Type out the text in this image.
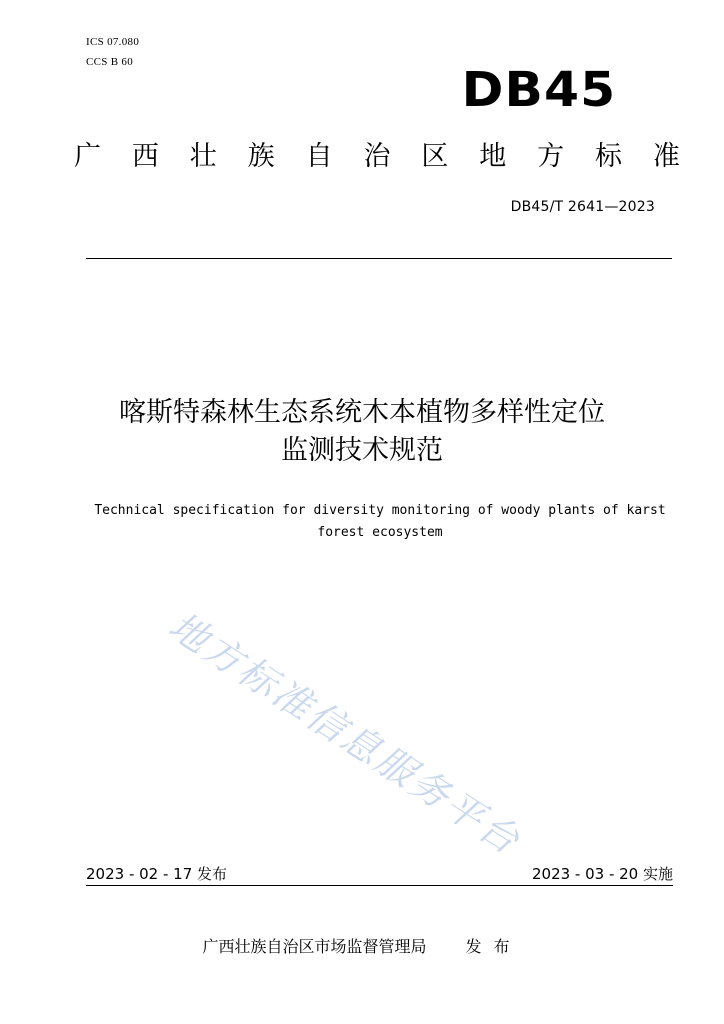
ICS 07.080
CCS B 60	DB45
广 西 壮 族 自 治 区 地 方 标 准
DB45/T 2641—2023
喀斯特森林生态系统木本植物多样性定位
监测技术规范
Technical specification for diversity monitoring of woody plants of karst
forest ecosystem
地方标准信息服务平台
2023 - 02 - 17 发布	2023 - 03 - 20 实施
广西壮族自治区市场监督管理局 发布
